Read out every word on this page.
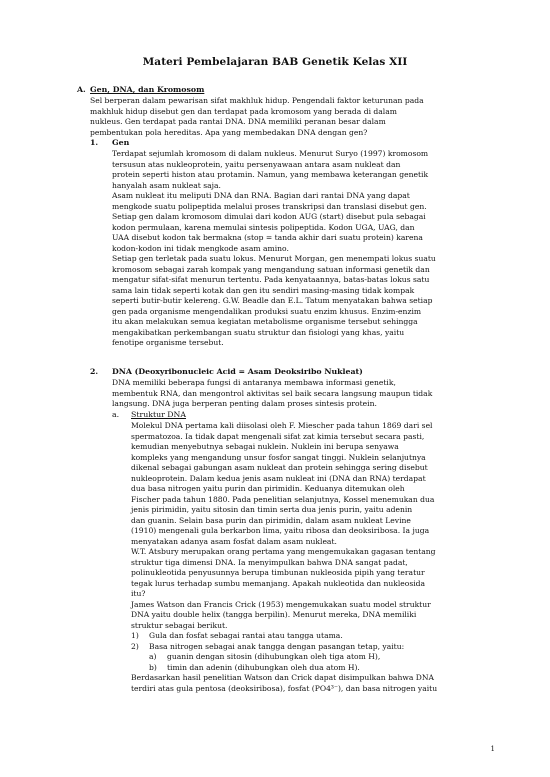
Materi Pembelajaran BAB Genetik Kelas XII
A. Gen, DNA, dan Kromosom

Sel berperan dalam pewarisan sifat makhluk hidup. Pengendali faktor keturunan pada

makhluk hidup disebut gen dan terdapat pada kromosom yang berada di dalam

nukleus. Gen terdapat pada rantai DNA. DNA memiliki peranan besar dalam

pembentukan pola hereditas. Apa yang membedakan DNA dengan gen?

1. Gen

Terdapat sejumlah kromosom di dalam nukleus. Menurut Suryo (1997) kromosom

tersusun atas nukleoprotein, yaitu persenyawaan antara asam nukleat dan

protein seperti histon atau protamin. Namun, yang membawa keterangan genetik

hanyalah asam nukleat saja.

Asam nukleat itu meliputi DNA dan RNA. Bagian dari rantai DNA yang dapat

mengkode suatu polipeptida melalui proses transkripsi dan translasi disebut gen.

Setiap gen dalam kromosom dimulai dari kodon AUG (start) disebut pula sebagai

kodon permulaan, karena memulai sintesis polipeptida. Kodon UGA, UAG, dan

UAA disebut kodon tak bermakna (stop = tanda akhir dari suatu protein) karena

kodon-kodon ini tidak mengkode asam amino.

Setiap gen terletak pada suatu lokus. Menurut Morgan, gen menempati lokus suatu

kromosom sebagai zarah kompak yang mengandung satuan informasi genetik dan

mengatur sifat-sifat menurun tertentu. Pada kenyataannya, batas-batas lokus satu

sama lain tidak seperti kotak dan gen itu sendiri masing-masing tidak kompak

seperti butir-butir kelereng. G.W. Beadle dan E.L. Tatum menyatakan bahwa setiap

gen pada organisme mengendalikan produksi suatu enzim khusus. Enzim-enzim

itu akan melakukan semua kegiatan metabolisme organisme tersebut sehingga

mengakibatkan perkembangan suatu struktur dan fisiologi yang khas, yaitu

fenotipe organisme tersebut.

2. DNA (Deoxyribonucleic Acid = Asam Deoksiribo Nukleat)

DNA memiliki beberapa fungsi di antaranya membawa informasi genetik,

membentuk RNA, dan mengontrol aktivitas sel baik secara langsung maupun tidak

langsung. DNA juga berperan penting dalam proses sintesis protein.

a. Struktur DNA

Molekul DNA pertama kali diisolasi oleh F. Miescher pada tahun 1869 dari sel

spermatozoa. Ia tidak dapat mengenali sifat zat kimia tersebut secara pasti,

kemudian menyebutnya sebagai nuklein. Nuklein ini berupa senyawa

kompleks yang mengandung unsur fosfor sangat tinggi. Nuklein selanjutnya

dikenal sebagai gabungan asam nukleat dan protein sehingga sering disebut

nukleoprotein. Dalam kedua jenis asam nukleat ini (DNA dan RNA) terdapat

dua basa nitrogen yaitu purin dan pirimidin. Keduanya ditemukan oleh

Fischer pada tahun 1880. Pada penelitian selanjutnya, Kossel menemukan dua

jenis pirimidin, yaitu sitosin dan timin serta dua jenis purin, yaitu adenin

dan guanin. Selain basa purin dan pirimidin, dalam asam nukleat Levine

(1910) mengenali gula berkarbon lima, yaitu ribosa dan deoksiribosa. Ia juga

menyatakan adanya asam fosfat dalam asam nukleat.

W.T. Atsbury merupakan orang pertama yang mengemukakan gagasan tentang

struktur tiga dimensi DNA. Ia menyimpulkan bahwa DNA sangat padat,

polinukleotida penyusunnya berupa timbunan nukleosida pipih yang teratur

tegak lurus terhadap sumbu memanjang. Apakah nukleotida dan nukleosida

itu?

James Watson dan Francis Crick (1953) mengemukakan suatu model struktur

DNA yaitu double helix (tangga berpilin). Menurut mereka, DNA memiliki

struktur sebagai berikut.

1) Gula dan fosfat sebagai rantai atau tangga utama.

2) Basa nitrogen sebagai anak tangga dengan pasangan tetap, yaitu:

a) guanin dengan sitosin (dihubungkan oleh tiga atom H),

b) timin dan adenin (dihubungkan oleh dua atom H).

Berdasarkan hasil penelitian Watson dan Crick dapat disimpulkan bahwa DNA

terdiri atas gula pentosa (deoksiribosa), fosfat (PO4³⁻), dan basa nitrogen yaitu

1
